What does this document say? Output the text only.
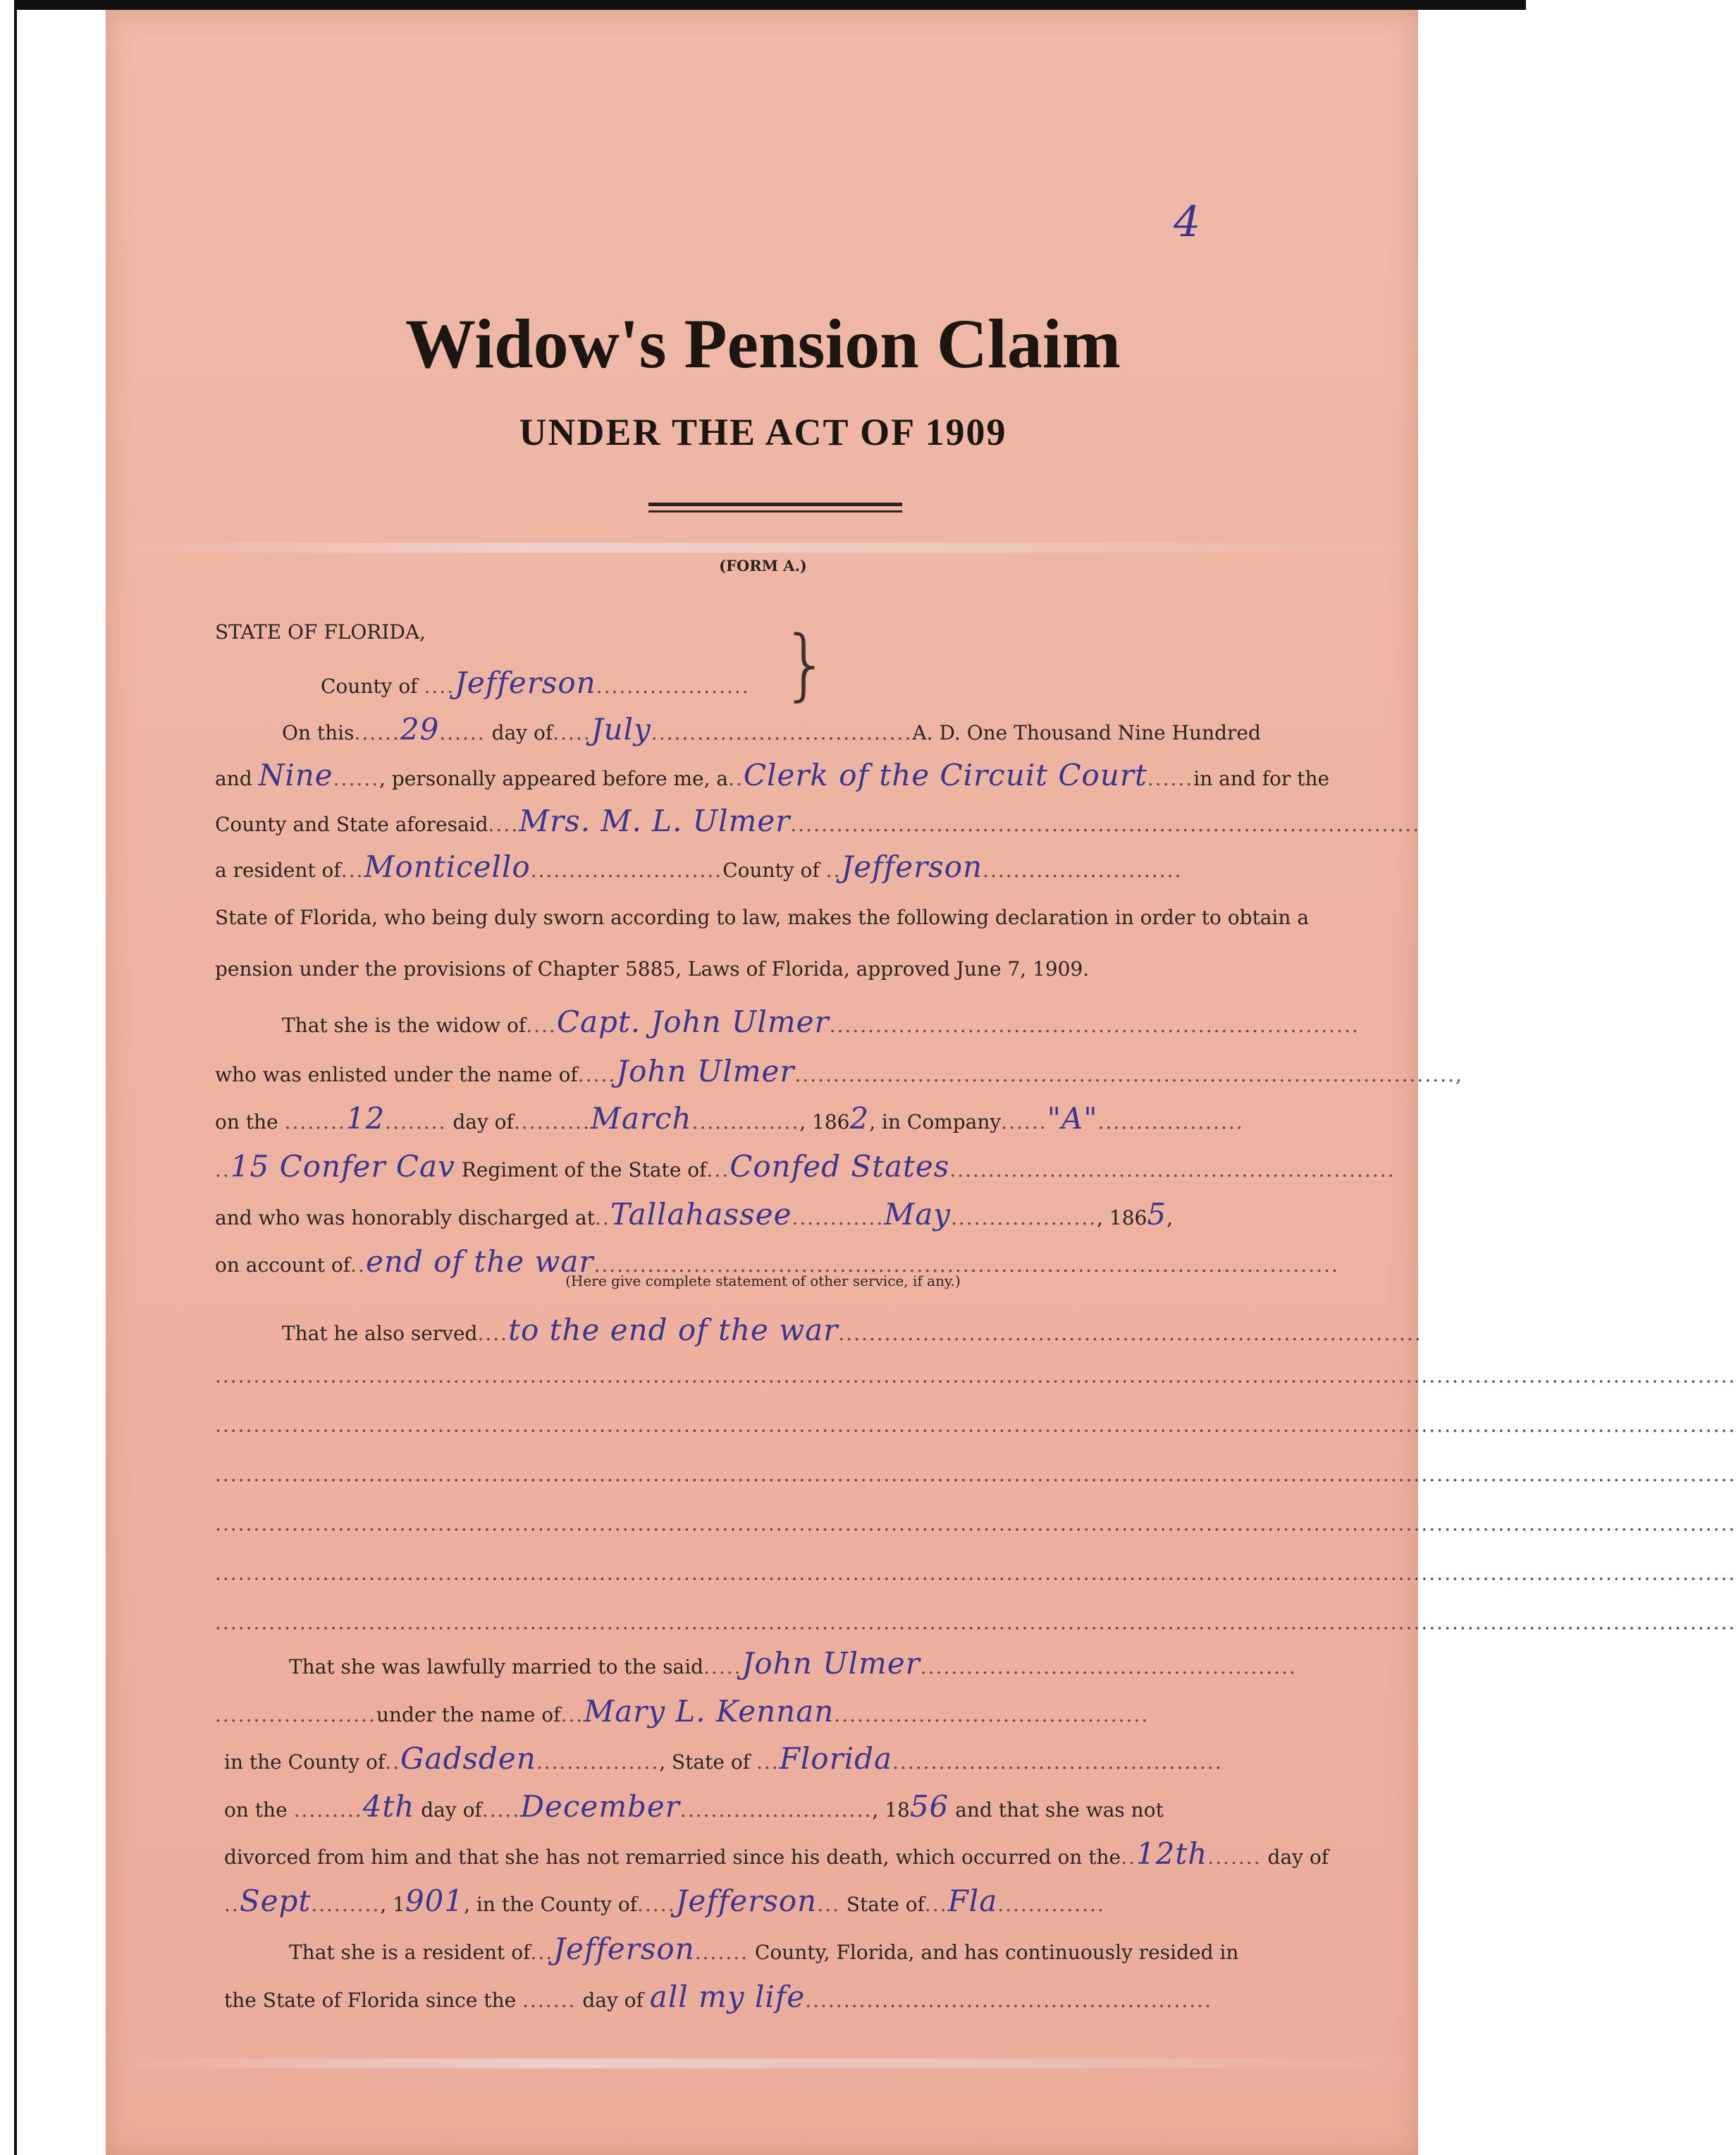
4
Widow's Pension Claim
UNDER THE ACT OF 1909
(FORM A.)
STATE OF FLORIDA,	}
County of ....Jefferson....................
On this......29...... day of.....July..................................A. D. One Thousand Nine Hundred
and Nine......, personally appeared before me, a..Clerk of the Circuit Court......in and for the
County and State aforesaid....Mrs. M. L. Ulmer..................................................................................
a resident of...Monticello.........................County of ..Jefferson..........................
State of Florida, who being duly sworn according to law, makes the following declaration in order to obtain a
pension under the provisions of Chapter 5885, Laws of Florida, approved June 7, 1909.
That she is the widow of....Capt. John Ulmer.....................................................................
who was enlisted under the name of.....John Ulmer......................................................................................,
on the ........12........ day of..........March.............., 1862, in Company......"A"...................
..15 Confer Cav Regiment of the State of...Confed States..........................................................
and who was honorably discharged at..Tallahassee............May..................., 1865,
on account of..end of the war.................................................................................................
(Here give complete statement of other service, if any.)
That he also served....to the end of the war............................................................................
......................................................................................................................................................................................................
......................................................................................................................................................................................................
......................................................................................................................................................................................................
......................................................................................................................................................................................................
......................................................................................................................................................................................................
......................................................................................................................................................................................................
That she was lawfully married to the said.....John Ulmer.................................................
.....................under the name of...Mary L. Kennan.........................................
in the County of..Gadsden................, State of ...Florida...........................................
on the .........4th day of.....December........................., 1856 and that she was not
divorced from him and that she has not remarried since his death, which occurred on the..12th....... day of
..Sept........., 1901, in the County of.....Jefferson... State of...Fla..............
That she is a resident of...Jefferson....... County, Florida, and has continuously resided in
the State of Florida since the ....... day of all my life.....................................................
